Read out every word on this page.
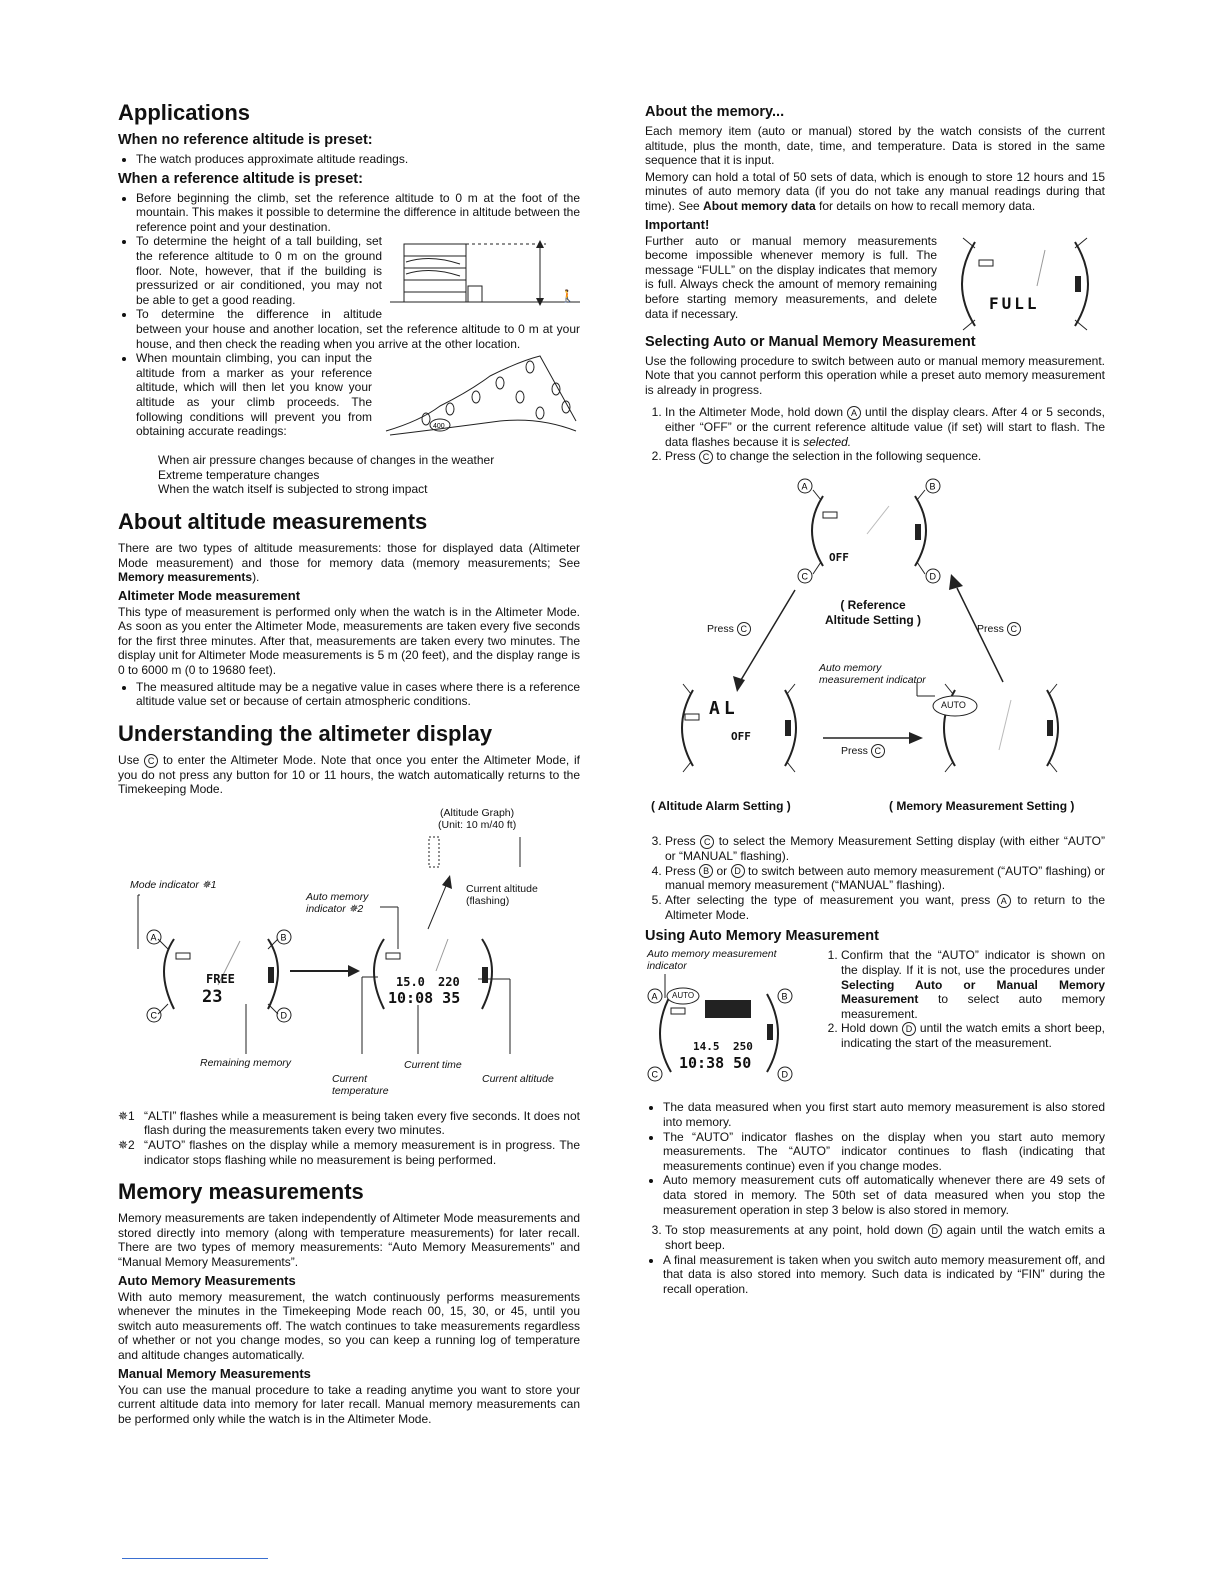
Applications
When no reference altitude is preset:
• The watch produces approximate altitude readings.
When a reference altitude is preset:
• Before beginning the climb, set the reference altitude to 0 m at the foot of the mountain. This makes it possible to determine the difference in altitude between the reference point and your destination.
• 🚶
To determine the height of a tall building, set the reference altitude to 0 m on the ground floor. Note, however, that if the building is pressurized or air conditioned, you may not be able to get a good reading.
• To determine the difference in altitude between your house and another location, set the reference altitude to 0 m at your house, and then check the reading when you arrive at the other location.
• 400
When mountain climbing, you can input the altitude from a marker as your reference altitude, which will then let you know your altitude as your climb proceeds. The following conditions will prevent you from obtaining accurate readings:
When air pressure changes because of changes in the weather
Extreme temperature changes
When the watch itself is subjected to strong impact
About altitude measurements

There are two types of altitude measurements: those for displayed data (Altimeter Mode measurement) and those for memory data (memory measurements; See Memory measurements).

Altimeter Mode measurement

This type of measurement is performed only when the watch is in the Altimeter Mode. As soon as you enter the Altimeter Mode, measurements are taken every five seconds for the first three minutes. After that, measurements are taken every two minutes. The display unit for Altimeter Mode measurements is 5 m (20 feet), and the display range is 0 to 6000 m (0 to 19680 feet).

• The measured altitude may be a negative value in cases where there is a reference altitude value set or because of certain atmospheric conditions.
Understanding the altimeter display

Use C to enter the Altimeter Mode. Note that once you enter the Altimeter Mode, if you do not press any button for 10 or 11 hours, the watch automatically returns to the Timekeeping Mode.

(Altitude Graph)
(Unit: 10 m/40 ft)
A	B
C	D
Mode indicator ✵1
Auto memory
indicator ✵2
Current altitude
(flashing)
FREE
23
15.0 220
10:08 35
Remaining memory	Current time
Current
temperature
Current altitude
✵1 “ALTI” flashes while a measurement is being taken every five seconds. It does not flash during the measurements taken every two minutes.
✵2 “AUTO” flashes on the display while a memory measurement is in progress. The indicator stops flashing while no measurement is being performed.
Memory measurements

Memory measurements are taken independently of Altimeter Mode measurements and stored directly into memory (along with temperature measurements) for later recall. There are two types of memory measurements: “Auto Memory Measurements” and “Manual Memory Measurements”.

Auto Memory Measurements

With auto memory measurement, the watch continuously performs measurements whenever the minutes in the Timekeeping Mode reach 00, 15, 30, or 45, until you switch auto measurements off. The watch continues to take measurements regardless of whether or not you change modes, so you can keep a running log of temperature and altitude changes automatically.

Manual Memory Measurements

You can use the manual procedure to take a reading anytime you want to store your current altitude data into memory for later recall. Manual memory measurements can be performed only while the watch is in the Altimeter Mode.

About the memory...

Each memory item (auto or manual) stored by the watch consists of the current altitude, plus the month, date, time, and temperature. Data is stored in the same sequence that it is input.

Memory can hold a total of 50 sets of data, which is enough to store 12 hours and 15 minutes of auto memory data (if you do not take any manual readings during that time). See About memory data for details on how to recall memory data.

Important!
FULL

Further auto or manual memory measurements become impossible whenever memory is full. The message “FULL” on the display indicates that memory is full. Always check the amount of memory remaining before starting memory measurements, and delete data if necessary.

Selecting Auto or Manual Memory Measurement

Use the following procedure to switch between auto or manual memory measurement. Note that you cannot perform this operation while a preset auto memory measurement is already in progress.

1. In the Altimeter Mode, hold down A until the display clears. After 4 or 5 seconds, either “OFF” or the current reference altitude value (if set) will start to flash. The data flashes because it is selected.
2. Press C to change the selection in the following sequence.
A	B
C	D
OFF
( Reference
Altitude Setting )
Press C	Press C
Auto memory
measurement indicator
Press C
AL
OFF
AUTO
( Altitude Alarm Setting )	( Memory Measurement Setting )
3. Press C to select the Memory Measurement Setting display (with either “AUTO” or “MANUAL” flashing).
4. Press B or D to switch between auto memory measurement (“AUTO” flashing) or manual memory measurement (“MANUAL” flashing).
5. After selecting the type of measurement you want, press A to return to the Altimeter Mode.
Using Auto Memory Measurement
Auto memory measurement
indicator
A	B
C	D
AUTO
14.5 250
10:38 50
1. Confirm that the “AUTO” indicator is shown on the display. If it is not, use the procedures under Selecting Auto or Manual Memory Measurement to select auto memory measurement.
2. Hold down D until the watch emits a short beep, indicating the start of the measurement.
• The data measured when you first start auto memory measurement is also stored into memory.
• The “AUTO” indicator flashes on the display when you start auto memory measurements. The “AUTO” indicator continues to flash (indicating that measurements continue) even if you change modes.
• Auto memory measurement cuts off automatically whenever there are 49 sets of data stored in memory. The 50th set of data measured when you stop the measurement operation in step 3 below is also stored in memory.
3. To stop measurements at any point, hold down D again until the watch emits a short beep.
• A final measurement is taken when you switch auto memory measurement off, and that data is also stored into memory. Such data is indicated by “FIN” during the recall operation.
